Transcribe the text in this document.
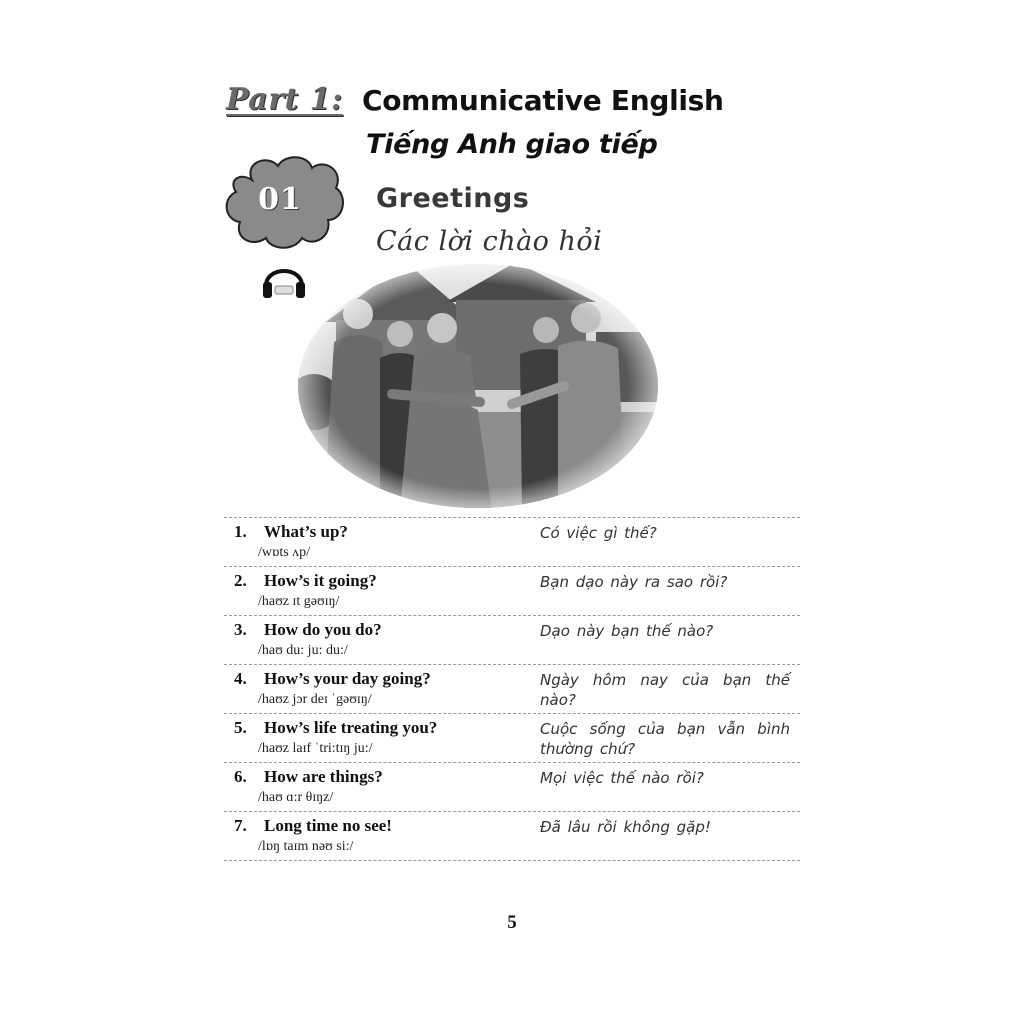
Part 1: Communicative English
Tiếng Anh giao tiếp
01	Greetings
Các lời chào hỏi
1. What’s up?
/wɒts ʌp/
Có việc gì thế?
2. How’s it going?
/haʊz ɪt gəʊɪŋ/
Bạn dạo này ra sao rồi?
3. How do you do?
/haʊ du: ju: du:/
Dạo này bạn thế nào?
4. How’s your day going?
/haʊz jɔr deɪ ˈgəʊɪŋ/
Ngày hôm nay của bạn thế nào?
5. How’s life treating you?
/haʊz laɪf ˈtri:tɪŋ ju:/
Cuộc sống của bạn vẫn bình thường chứ?
6. How are things?
/haʊ ɑ:r θɪŋz/
Mọi việc thế nào rồi?
7. Long time no see!
/lɒŋ taɪm nəʊ si:/
Đã lâu rồi không gặp!
5
